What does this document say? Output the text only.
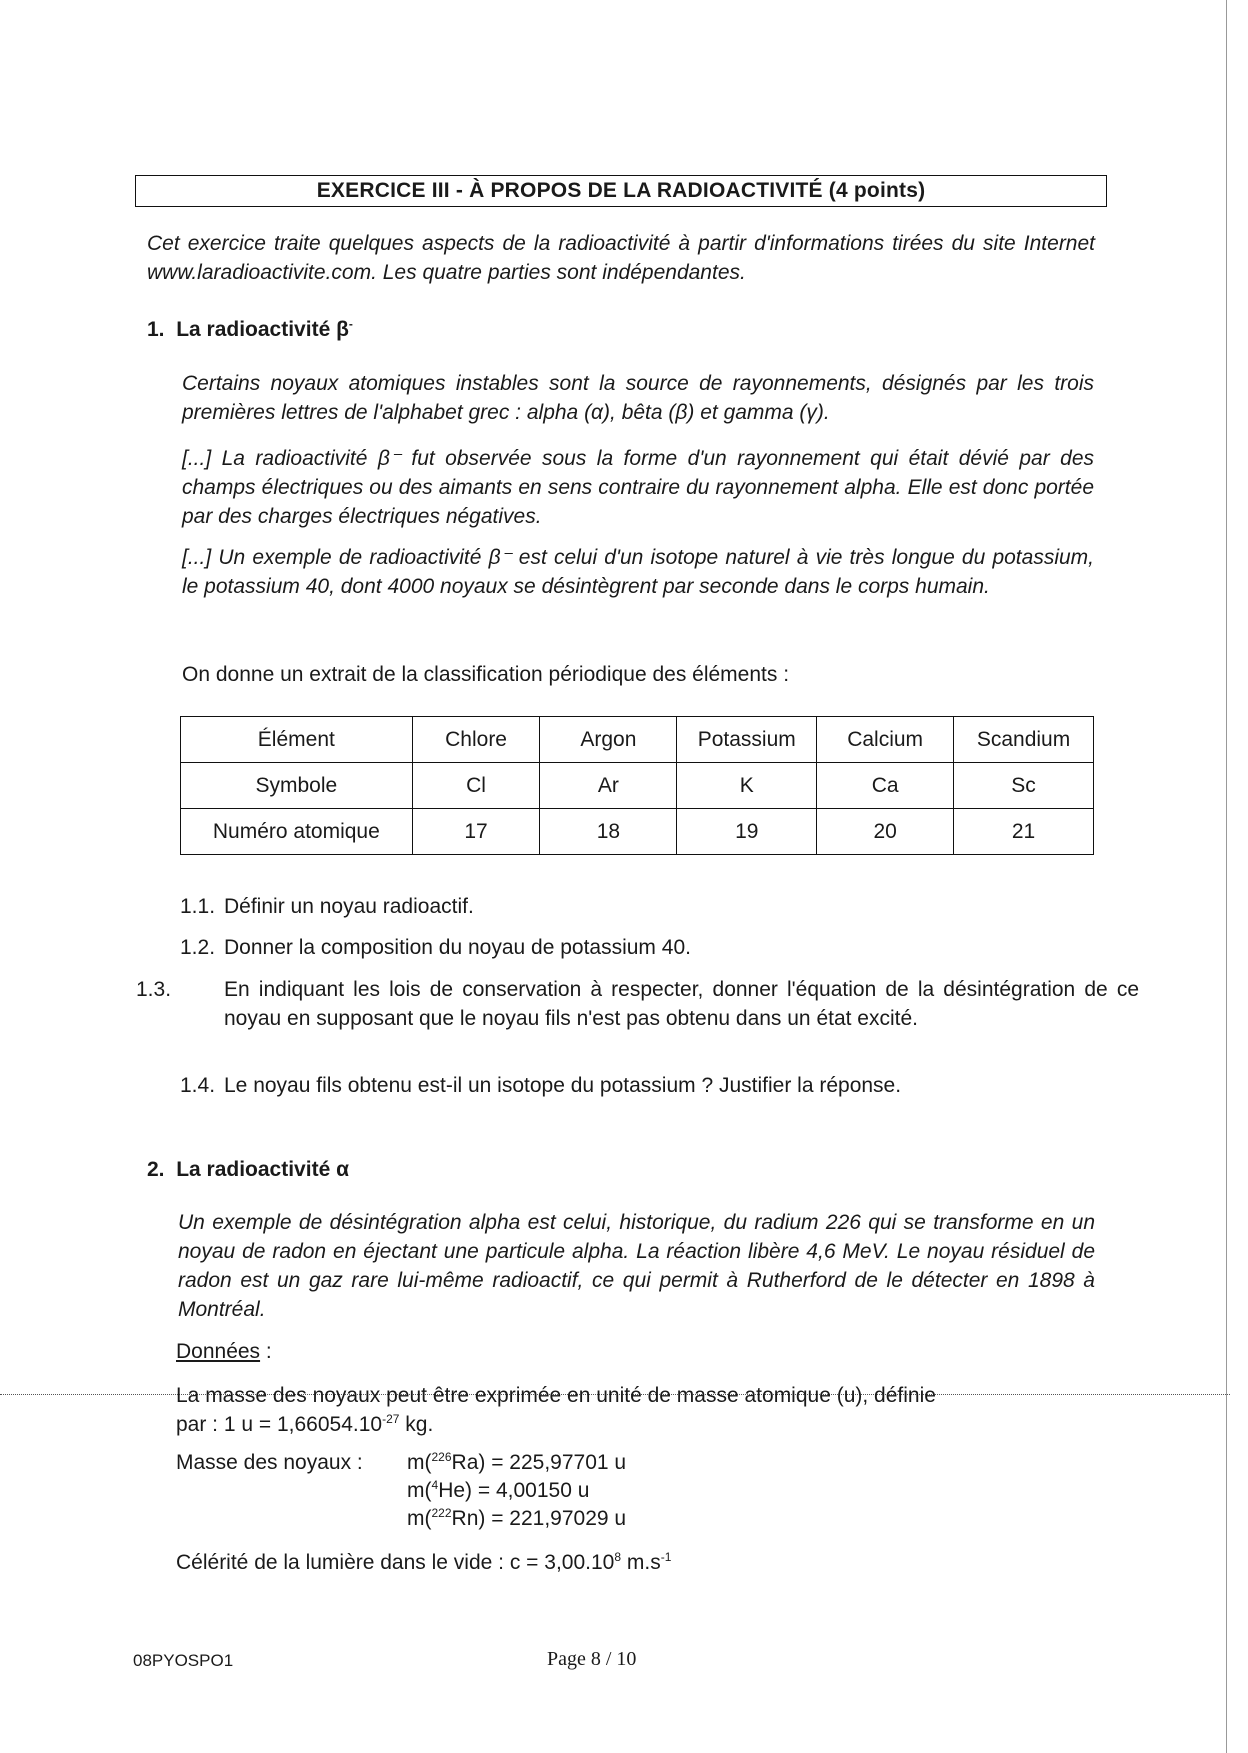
EXERCICE III - À PROPOS DE LA RADIOACTIVITÉ (4 points)
Cet exercice traite quelques aspects de la radioactivité à partir d'informations tirées du site Internet www.laradioactivite.com. Les quatre parties sont indépendantes.
1. La radioactivité β-
Certains noyaux atomiques instables sont la source de rayonnements, désignés par les trois premières lettres de l'alphabet grec : alpha (α), bêta (β) et gamma (γ).
[...] La radioactivité β⁻ fut observée sous la forme d'un rayonnement qui était dévié par des champs électriques ou des aimants en sens contraire du rayonnement alpha. Elle est donc portée par des charges électriques négatives.
[...] Un exemple de radioactivité β⁻ est celui d'un isotope naturel à vie très longue du potassium, le potassium 40, dont 4000 noyaux se désintègrent par seconde dans le corps humain.
On donne un extrait de la classification périodique des éléments :
Élément	Chlore	Argon	Potassium	Calcium	Scandium
Symbole	Cl	Ar	K	Ca	Sc
Numéro atomique	17	18	19	20	21
1.1. Définir un noyau radioactif.
1.2. Donner la composition du noyau de potassium 40.
1.3.	En indiquant les lois de conservation à respecter, donner l'équation de la désintégration de ce noyau en supposant que le noyau fils n'est pas obtenu dans un état excité.
1.4. Le noyau fils obtenu est-il un isotope du potassium ? Justifier la réponse.
2. La radioactivité α
Un exemple de désintégration alpha est celui, historique, du radium 226 qui se transforme en un noyau de radon en éjectant une particule alpha. La réaction libère 4,6 MeV. Le noyau résiduel de radon est un gaz rare lui-même radioactif, ce qui permit à Rutherford de le détecter en 1898 à Montréal.
Données :
La masse des noyaux peut être exprimée en unité de masse atomique (u), définie
par : 1 $u = 1,66054.10^{-27}$ kg.
Masse des noyaux : m($^{226}$Ra) = 225,97701 u
m($^4$He) = 4,00150 u
m($^{222}$Rn) = 221,97029 u
Célérité de la lumière dans le vide : $c = 3,00.10^8$ $m.s^{-1}$
08PYOSPO1	Page 8 / 10
